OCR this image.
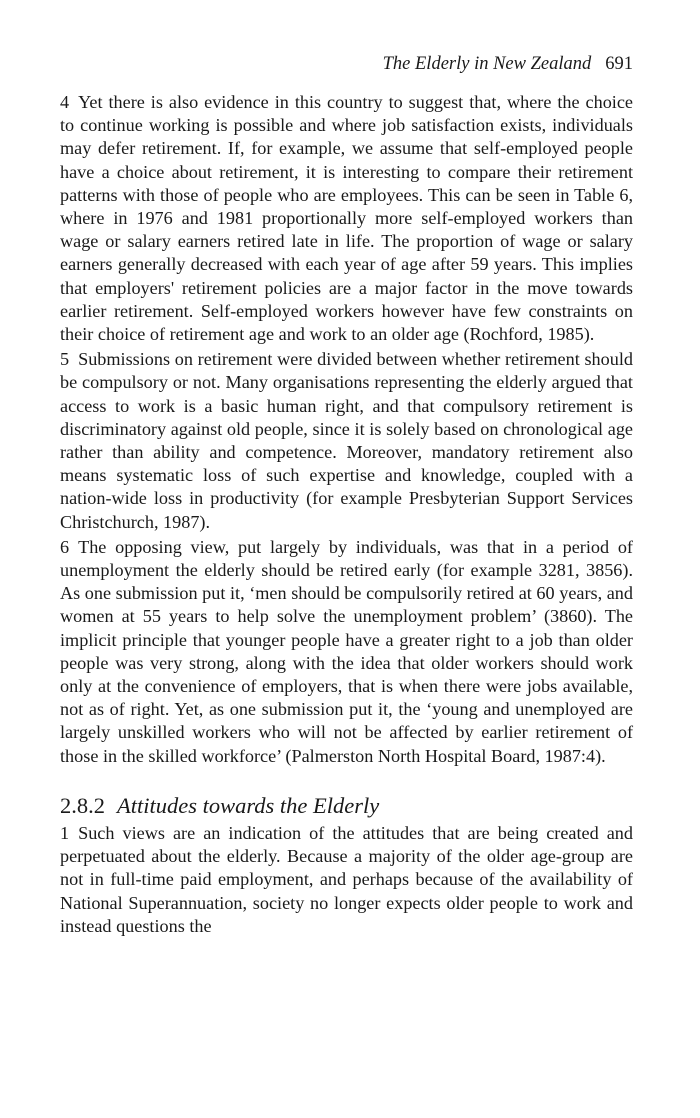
The Elderly in New Zealand 691

4 Yet there is also evidence in this country to suggest that, where the choice to continue working is possible and where job satisfaction exists, individuals may defer retirement. If, for example, we assume that self-employed people have a choice about retirement, it is interesting to compare their retirement patterns with those of people who are employees. This can be seen in Table 6, where in 1976 and 1981 proportionally more self-employed workers than wage or salary earners retired late in life. The proportion of wage or salary earners generally decreased with each year of age after 59 years. This implies that employers' retirement policies are a major factor in the move towards earlier retirement. Self-employed workers however have few constraints on their choice of retirement age and work to an older age (Rochford, 1985).

5 Submissions on retirement were divided between whether retirement should be compulsory or not. Many organisations representing the elderly argued that access to work is a basic human right, and that compulsory retirement is discriminatory against old people, since it is solely based on chronological age rather than ability and competence. Moreover, mandatory retirement also means systematic loss of such expertise and knowledge, coupled with a nation-wide loss in productivity (for example Presbyterian Support Services Christchurch, 1987).

6 The opposing view, put largely by individuals, was that in a period of unemployment the elderly should be retired early (for example 3281, 3856). As one submission put it, ‘men should be compulsorily retired at 60 years, and women at 55 years to help solve the unemployment problem’ (3860). The implicit principle that younger people have a greater right to a job than older people was very strong, along with the idea that older workers should work only at the convenience of employers, that is when there were jobs available, not as of right. Yet, as one submission put it, the ‘young and unemployed are largely unskilled workers who will not be affected by earlier retirement of those in the skilled workforce’ (Palmerston North Hospital Board, 1987:4).

2.8.2 Attitudes towards the Elderly

1 Such views are an indication of the attitudes that are being created and perpetuated about the elderly. Because a majority of the older age-group are not in full-time paid employment, and perhaps because of the availability of National Superannuation, society no longer expects older people to work and instead questions the
